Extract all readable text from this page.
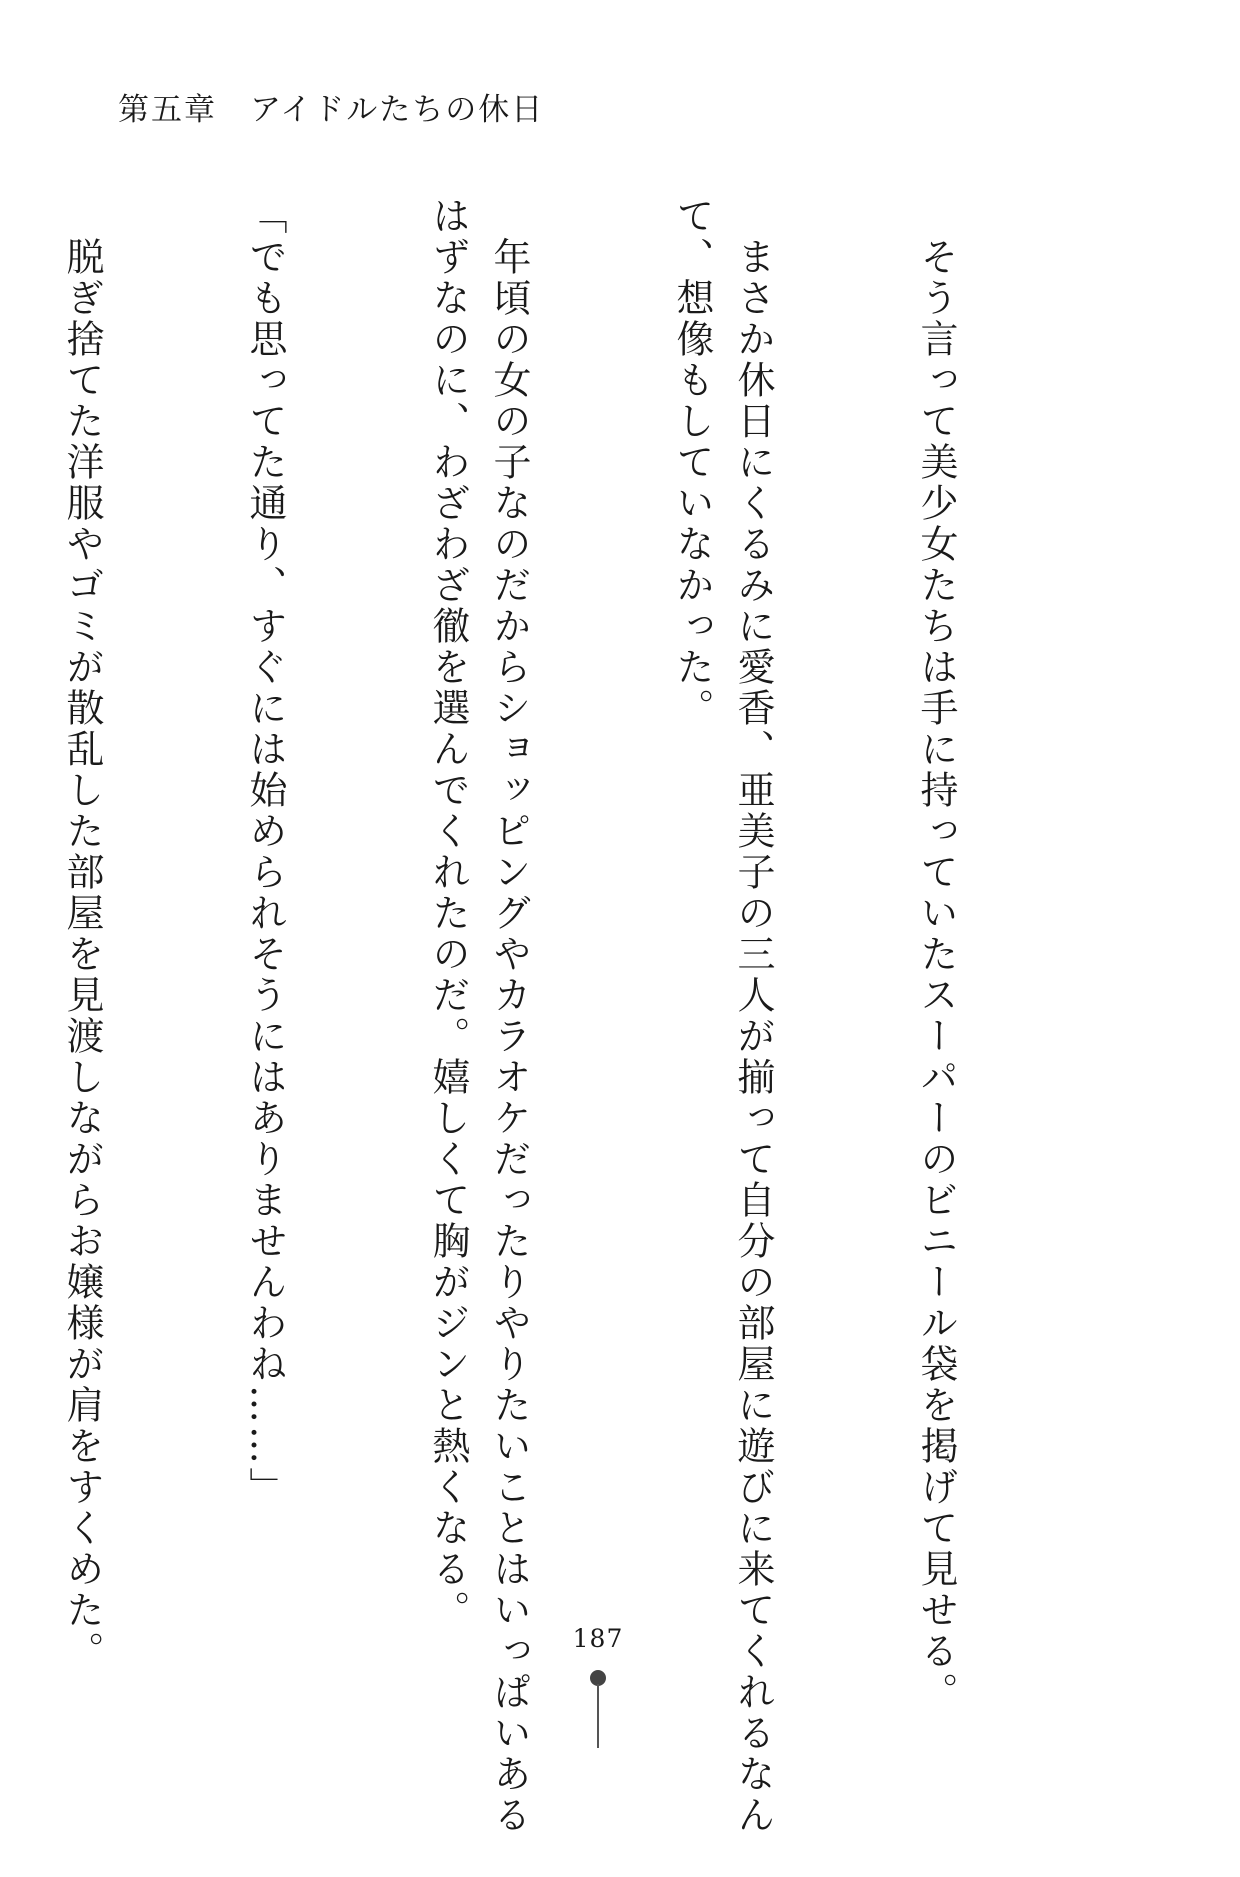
第五章　アイドルたちの休日

　そう言って美少女たちは手に持っていたスーパーのビニール袋を掲げて見せる。

　まさか休日にくるみに愛香、亜美子の三人が揃って自分の部屋に遊びに来てくれるなん
て、想像もしていなかった。

　年頃の女の子なのだからショッピングやカラオケだったりやりたいことはいっぱいある
はずなのに、わざわざ徹を選んでくれたのだ。嬉しくて胸がジンと熱くなる。

「でも思ってた通り、すぐには始められそうにはありませんわね……」

　脱ぎ捨てた洋服やゴミが散乱した部屋を見渡しながらお嬢様が肩をすくめた。

	187
